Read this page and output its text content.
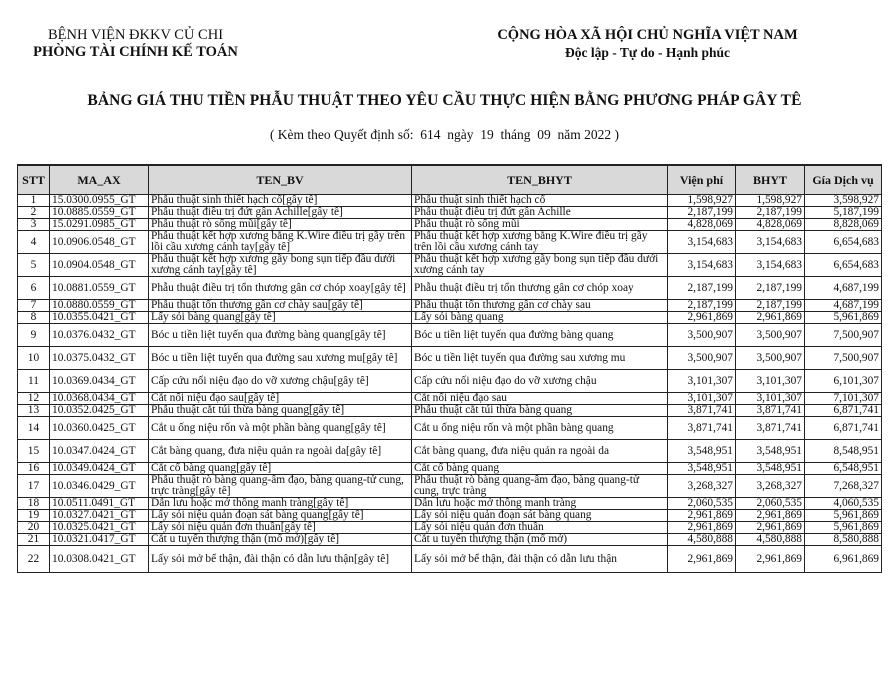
BỆNH VIỆN ĐKKV CỦ CHI
PHÒNG TÀI CHÍNH KẾ TOÁN
CỘNG HÒA XÃ HỘI CHỦ NGHĨA VIỆT NAM
Độc lập - Tự do - Hạnh phúc
BẢNG GIÁ THU TIỀN PHẪU THUẬT THEO YÊU CẦU THỰC HIỆN BẰNG PHƯƠNG PHÁP GÂY TÊ
( Kèm theo Quyết định số: 614 ngày 19 tháng 09 năm 2022 )
STT	MA_AX	TEN_BV	TEN_BHYT	Viện phí	BHYT	Gía Dịch vụ
1	15.0300.0955_GT	Phẫu thuật sinh thiết hạch cổ[gây tê]	Phẫu thuật sinh thiết hạch cổ	1,598,927	1,598,927	3,598,927
2	10.0885.0559_GT	Phẫu thuật điều trị đứt gân Achille[gây tê]	Phẫu thuật điều trị đứt gân Achille	2,187,199	2,187,199	5,187,199
3	15.0291.0985_GT	Phẫu thuật rò sống mũi[gây tê]	Phẫu thuật rò sống mũi	4,828,069	4,828,069	8,828,069
4	10.0906.0548_GT	Phẫu thuật kết hợp xương bằng K.Wire điều trị gãy trên lồi cầu xương cánh tay[gây tê]	Phẫu thuật kết hợp xương bằng K.Wire điều trị gãy trên lồi cầu xương cánh tay	3,154,683	3,154,683	6,654,683
5	10.0904.0548_GT	Phẫu thuật kết hợp xương gãy bong sụn tiếp đầu dưới xương cánh tay[gây tê]	Phẫu thuật kết hợp xương gãy bong sụn tiếp đầu dưới xương cánh tay	3,154,683	3,154,683	6,654,683
6	10.0881.0559_GT	Phẫu thuật điều trị tổn thương gân cơ chóp xoay[gây tê]	Phẫu thuật điều trị tổn thương gân cơ chóp xoay	2,187,199	2,187,199	4,687,199
7	10.0880.0559_GT	Phẫu thuật tổn thương gân cơ chày sau[gây tê]	Phẫu thuật tổn thương gân cơ chày sau	2,187,199	2,187,199	4,687,199
8	10.0355.0421_GT	Lấy sỏi bàng quang[gây tê]	Lấy sỏi bàng quang	2,961,869	2,961,869	5,961,869
9	10.0376.0432_GT	Bóc u tiền liệt tuyến qua đường bàng quang[gây tê]	Bóc u tiền liệt tuyến qua đường bàng quang	3,500,907	3,500,907	7,500,907
10	10.0375.0432_GT	Bóc u tiền liệt tuyến qua đường sau xương mu[gây tê]	Bóc u tiền liệt tuyến qua đường sau xương mu	3,500,907	3,500,907	7,500,907
11	10.0369.0434_GT	Cấp cứu nối niệu đạo do vỡ xương chậu[gây tê]	Cấp cứu nối niệu đạo do vỡ xương chậu	3,101,307	3,101,307	6,101,307
12	10.0368.0434_GT	Cắt nối niệu đạo sau[gây tê]	Cắt nối niệu đạo sau	3,101,307	3,101,307	7,101,307
13	10.0352.0425_GT	Phẫu thuật cắt túi thừa bàng quang[gây tê]	Phẫu thuật cắt túi thừa bàng quang	3,871,741	3,871,741	6,871,741
14	10.0360.0425_GT	Cắt u ống niệu rốn và một phần bàng quang[gây tê]	Cắt u ống niệu rốn và một phần bàng quang	3,871,741	3,871,741	6,871,741
15	10.0347.0424_GT	Cắt bàng quang, đưa niệu quản ra ngoài da[gây tê]	Cắt bàng quang, đưa niệu quản ra ngoài da	3,548,951	3,548,951	8,548,951
16	10.0349.0424_GT	Cắt cổ bàng quang[gây tê]	Cắt cổ bàng quang	3,548,951	3,548,951	6,548,951
17	10.0346.0429_GT	Phẫu thuật rò bàng quang-âm đạo, bàng quang-tử cung, trực tràng[gây tê]	Phẫu thuật rò bàng quang-âm đạo, bàng quang-tử cung, trực tràng	3,268,327	3,268,327	7,268,327
18	10.0511.0491_GT	Dẫn lưu hoặc mở thông manh tràng[gây tê]	Dẫn lưu hoặc mở thông manh tràng	2,060,535	2,060,535	4,060,535
19	10.0327.0421_GT	Lấy sỏi niệu quản đoạn sát bàng quang[gây tê]	Lấy sỏi niệu quản đoạn sát bàng quang	2,961,869	2,961,869	5,961,869
20	10.0325.0421_GT	Lấy sỏi niệu quản đơn thuần[gây tê]	Lấy sỏi niệu quản đơn thuần	2,961,869	2,961,869	5,961,869
21	10.0321.0417_GT	Cắt u tuyến thượng thận (mổ mở)[gây tê]	Cắt u tuyến thượng thận (mổ mở)	4,580,888	4,580,888	8,580,888
22	10.0308.0421_GT	Lấy sỏi mở bể thận, đài thận có dẫn lưu thận[gây tê]	Lấy sỏi mở bể thận, đài thận có dẫn lưu thận	2,961,869	2,961,869	6,961,869
